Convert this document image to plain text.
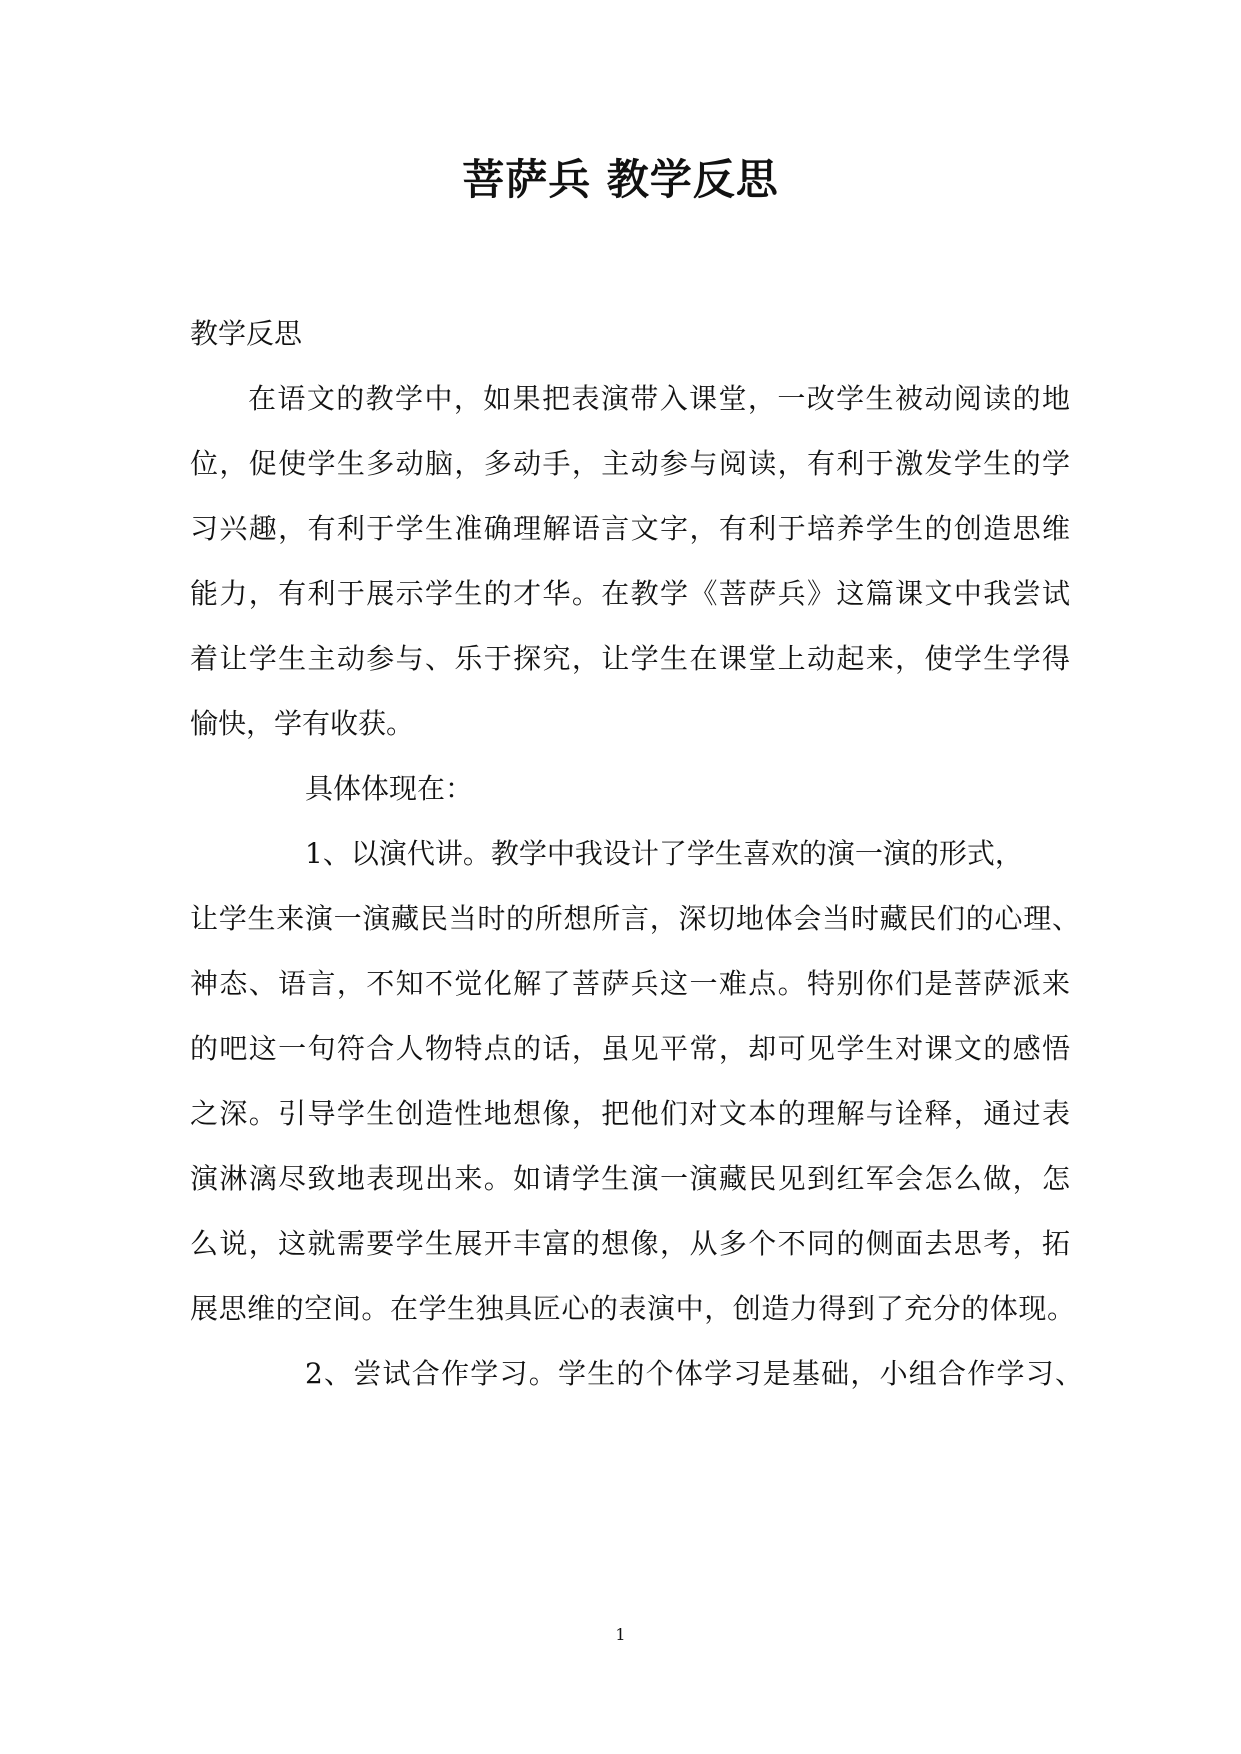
菩萨兵 教学反思
教学反思
在语文的教学中，如果把表演带入课堂，一改学生被动阅读的地
位，促使学生多动脑，多动手，主动参与阅读，有利于激发学生的学
习兴趣，有利于学生准确理解语言文字，有利于培养学生的创造思维
能力，有利于展示学生的才华。在教学《菩萨兵》这篇课文中我尝试
着让学生主动参与、乐于探究，让学生在课堂上动起来，使学生学得
愉快，学有收获。
具体体现在：
1、以演代讲。教学中我设计了学生喜欢的演一演的形式，
让学生来演一演藏民当时的所想所言，深切地体会当时藏民们的心理、
神态、语言，不知不觉化解了菩萨兵这一难点。特别你们是菩萨派来
的吧这一句符合人物特点的话，虽见平常，却可见学生对课文的感悟
之深。引导学生创造性地想像，把他们对文本的理解与诠释，通过表
演淋漓尽致地表现出来。如请学生演一演藏民见到红军会怎么做，怎
么说，这就需要学生展开丰富的想像，从多个不同的侧面去思考，拓
展思维的空间。在学生独具匠心的表演中，创造力得到了充分的体现。
2、尝试合作学习。学生的个体学习是基础，小组合作学习、
1
